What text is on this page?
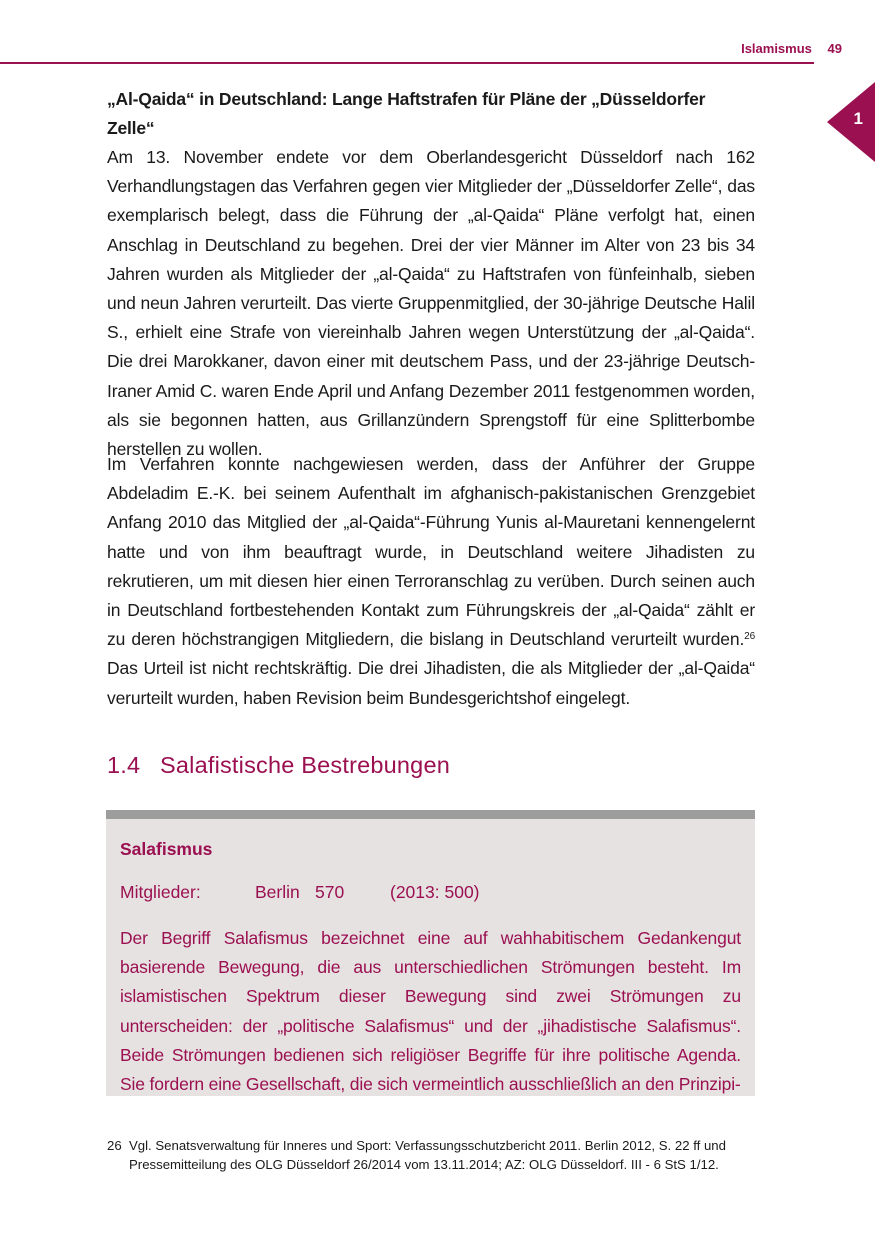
Islamismus 49
1

„Al-Qaida“ in Deutschland: Lange Haftstrafen für Pläne der „Düsseldorfer Zelle“

Am 13. November endete vor dem Oberlandesgericht Düsseldorf nach 162 Verhandlungstagen das Verfahren gegen vier Mitglieder der „Düsseldorfer Zelle“, das exemplarisch belegt, dass die Führung der „al-Qaida“ Pläne verfolgt hat, einen Anschlag in Deutschland zu begehen. Drei der vier Männer im Alter von 23 bis 34 Jahren wurden als Mitglieder der „al-Qaida“ zu Haftstrafen von fünfeinhalb, sieben und neun Jahren verurteilt. Das vierte Gruppenmitglied, der 30-jährige Deutsche Halil S., erhielt eine Strafe von viereinhalb Jahren wegen Unterstützung der „al-Qaida“. Die drei Marokkaner, davon einer mit deutschem Pass, und der 23-jährige Deutsch-Iraner Amid C. waren Ende April und Anfang Dezember 2011 festgenommen worden, als sie begonnen hatten, aus Grillanzündern Sprengstoff für eine Splitterbombe herstellen zu wollen.

Im Verfahren konnte nachgewiesen werden, dass der Anführer der Gruppe Abdeladim E.-K. bei seinem Aufenthalt im afghanisch-pakistanischen Grenzgebiet Anfang 2010 das Mitglied der „al-Qaida“-Führung Yunis al-Mauretani kennengelernt hatte und von ihm beauftragt wurde, in Deutschland weitere Jihadisten zu rekrutieren, um mit diesen hier einen Terroranschlag zu verüben. Durch seinen auch in Deutschland fortbestehenden Kontakt zum Führungskreis der „al-Qaida“ zählt er zu deren höchstrangigen Mitgliedern, die bislang in Deutschland verurteilt wurden.$^{26}$ Das Urteil ist nicht rechtskräftig. Die drei Jihadisten, die als Mitglieder der „al-Qaida“ verurteilt wurden, haben Revision beim Bundesgerichtshof eingelegt.

1.4 Salafistische Bestrebungen
Salafismus
Mitglieder:	Berlin 570	(2013: 500)
Der Begriff Salafismus bezeichnet eine auf wahhabitischem Gedankengut basierende Bewegung, die aus unterschiedlichen Strömungen besteht. Im islamistischen Spektrum dieser Bewegung sind zwei Strömungen zu unterscheiden: der „politische Salafismus“ und der „jihadistische Salafismus“. Beide Strömungen bedienen sich religiöser Begriffe für ihre politische Agenda. Sie fordern eine Gesellschaft, die sich vermeintlich ausschließlich an den Prinzipi-
26 Vgl. Senatsverwaltung für Inneres und Sport: Verfassungsschutzbericht 2011. Berlin 2012, S. 22 ff und Pressemitteilung des OLG Düsseldorf 26/2014 vom 13.11.2014; AZ: OLG Düsseldorf. III - 6 StS 1/12.
